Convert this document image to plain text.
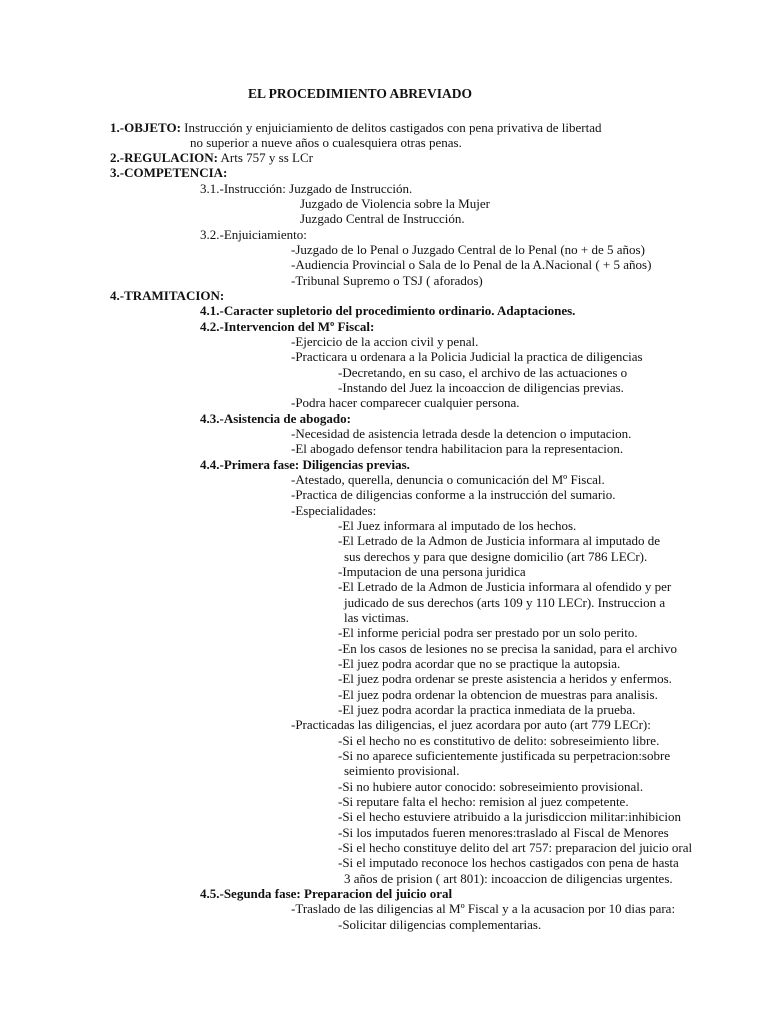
EL PROCEDIMIENTO ABREVIADO
1.-OBJETO: Instrucción y enjuiciamiento de delitos castigados con pena privativa de libertad
no superior a nueve años o cualesquiera otras penas.
2.-REGULACION: Arts 757 y ss LCr
3.-COMPETENCIA:
3.1.-Instrucción: Juzgado de Instrucción.
Juzgado de Violencia sobre la Mujer
Juzgado Central de Instrucción.
3.2.-Enjuiciamiento:
-Juzgado de lo Penal o Juzgado Central de lo Penal (no + de 5 años)
-Audiencia Provincial o Sala de lo Penal de la A.Nacional ( + 5 años)
-Tribunal Supremo o TSJ ( aforados)
4.-TRAMITACION:
4.1.-Caracter supletorio del procedimiento ordinario. Adaptaciones.
4.2.-Intervencion del Mº Fiscal:
-Ejercicio de la accion civil y penal.
-Practicara u ordenara a la Policia Judicial la practica de diligencias
-Decretando, en su caso, el archivo de las actuaciones o
-Instando del Juez la incoaccion de diligencias previas.
-Podra hacer comparecer cualquier persona.
4.3.-Asistencia de abogado:
-Necesidad de asistencia letrada desde la detencion o imputacion.
-El abogado defensor tendra habilitacion para la representacion.
4.4.-Primera fase: Diligencias previas.
-Atestado, querella, denuncia o comunicación del Mº Fiscal.
-Practica de diligencias conforme a la instrucción del sumario.
-Especialidades:
-El Juez informara al imputado de los hechos.
-El Letrado de la Admon de Justicia informara al imputado de
sus derechos y para que designe domicilio (art 786 LECr).
-Imputacion de una persona juridica
-El Letrado de la Admon de Justicia informara al ofendido y per
judicado de sus derechos (arts 109 y 110 LECr). Instruccion a
las victimas.
-El informe pericial podra ser prestado por un solo perito.
-En los casos de lesiones no se precisa la sanidad, para el archivo
-El juez podra acordar que no se practique la autopsia.
-El juez podra ordenar se preste asistencia a heridos y enfermos.
-El juez podra ordenar la obtencion de muestras para analisis.
-El juez podra acordar la practica inmediata de la prueba.
-Practicadas las diligencias, el juez acordara por auto (art 779 LECr):
-Si el hecho no es constitutivo de delito: sobreseimiento libre.
-Si no aparece suficientemente justificada su perpetracion:sobre
seimiento provisional.
-Si no hubiere autor conocido: sobreseimiento provisional.
-Si reputare falta el hecho: remision al juez competente.
-Si el hecho estuviere atribuido a la jurisdiccion militar:inhibicion
-Si los imputados fueren menores:traslado al Fiscal de Menores
-Si el hecho constituye delito del art 757: preparacion del juicio oral
-Si el imputado reconoce los hechos castigados con pena de hasta
3 años de prision ( art 801): incoaccion de diligencias urgentes.
4.5.-Segunda fase: Preparacion del juicio oral
-Traslado de las diligencias al Mº Fiscal y a la acusacion por 10 dias para:
-Solicitar diligencias complementarias.
